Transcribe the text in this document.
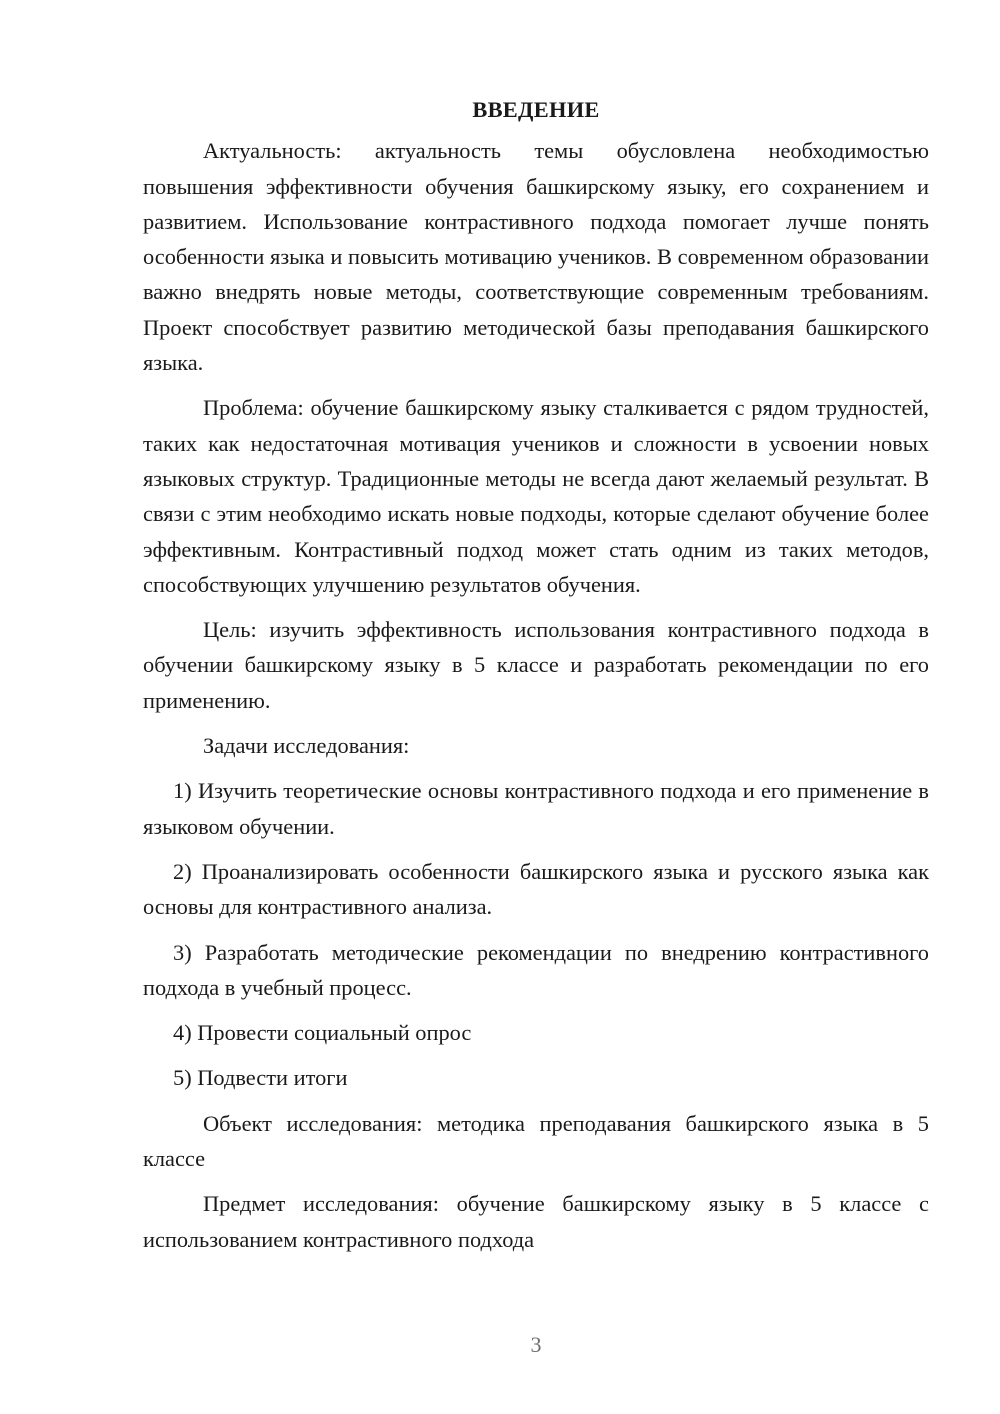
ВВЕДЕНИЕ

Актуальность: актуальность темы обусловлена необходимостью повышения эффективности обучения башкирскому языку, его сохранением и развитием. Использование контрастивного подхода помогает лучше понять особенности языка и повысить мотивацию учеников. В современном образовании важно внедрять новые методы, соответствующие современным требованиям. Проект способствует развитию методической базы преподавания башкирского языка.

Проблема: обучение башкирскому языку сталкивается с рядом трудностей, таких как недостаточная мотивация учеников и сложности в усвоении новых языковых структур. Традиционные методы не всегда дают желаемый результат. В связи с этим необходимо искать новые подходы, которые сделают обучение более эффективным. Контрастивный подход может стать одним из таких методов, способствующих улучшению результатов обучения.

Цель: изучить эффективность использования контрастивного подхода в обучении башкирскому языку в 5 классе и разработать рекомендации по его применению.

Задачи исследования:

1) Изучить теоретические основы контрастивного подхода и его применение в языковом обучении.

2) Проанализировать особенности башкирского языка и русского языка как основы для контрастивного анализа.

3) Разработать методические рекомендации по внедрению контрастивного подхода в учебный процесс.

4) Провести социальный опрос

5) Подвести итоги

Объект исследования: методика преподавания башкирского языка в 5 классе

Предмет исследования: обучение башкирскому языку в 5 классе с использованием контрастивного подхода

3
